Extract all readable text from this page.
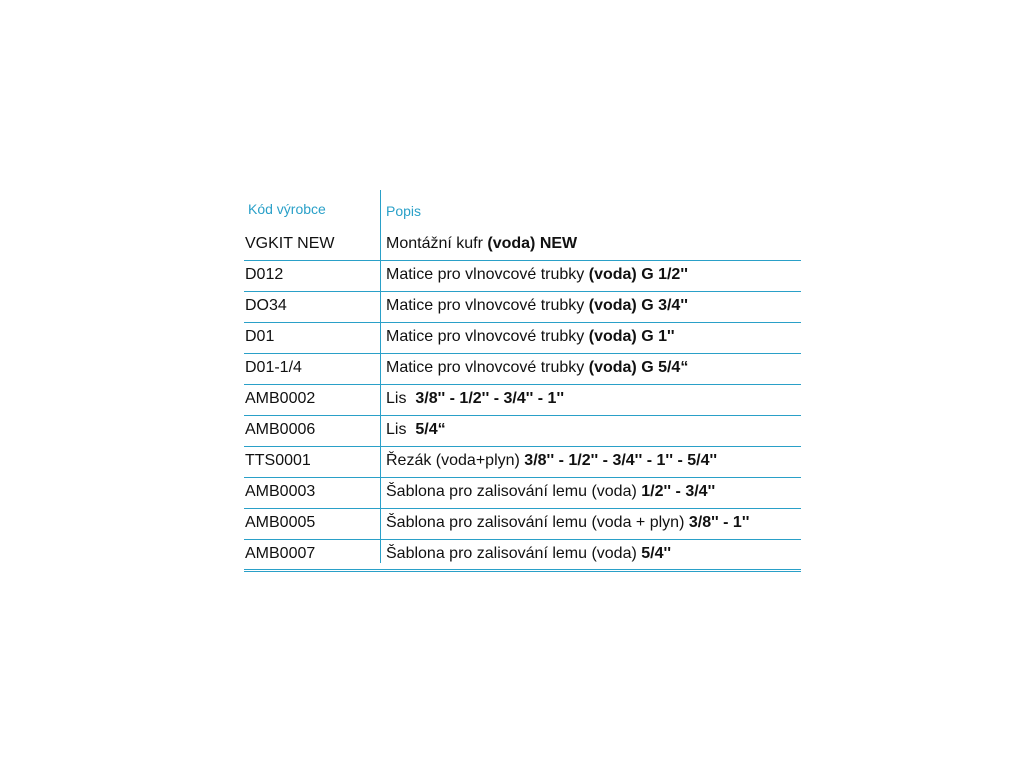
Kód výrobce	Popis
VGKIT NEW	Montážní kufr (voda) NEW
D012	Matice pro vlnovcové trubky (voda) G 1/2''
DO34	Matice pro vlnovcové trubky (voda) G 3/4''
D01	Matice pro vlnovcové trubky (voda) G 1''
D01-1/4	Matice pro vlnovcové trubky (voda) G 5/4“
AMB0002	Lis  3/8'' - 1/2'' - 3/4'' - 1''
AMB0006	Lis  5/4“
TTS0001	Řezák (voda+plyn) 3/8'' - 1/2'' - 3/4'' - 1'' - 5/4''
AMB0003	Šablona pro zalisování lemu (voda) 1/2'' - 3/4''
AMB0005	Šablona pro zalisování lemu (voda + plyn) 3/8'' - 1''
AMB0007	Šablona pro zalisování lemu (voda) 5/4''
